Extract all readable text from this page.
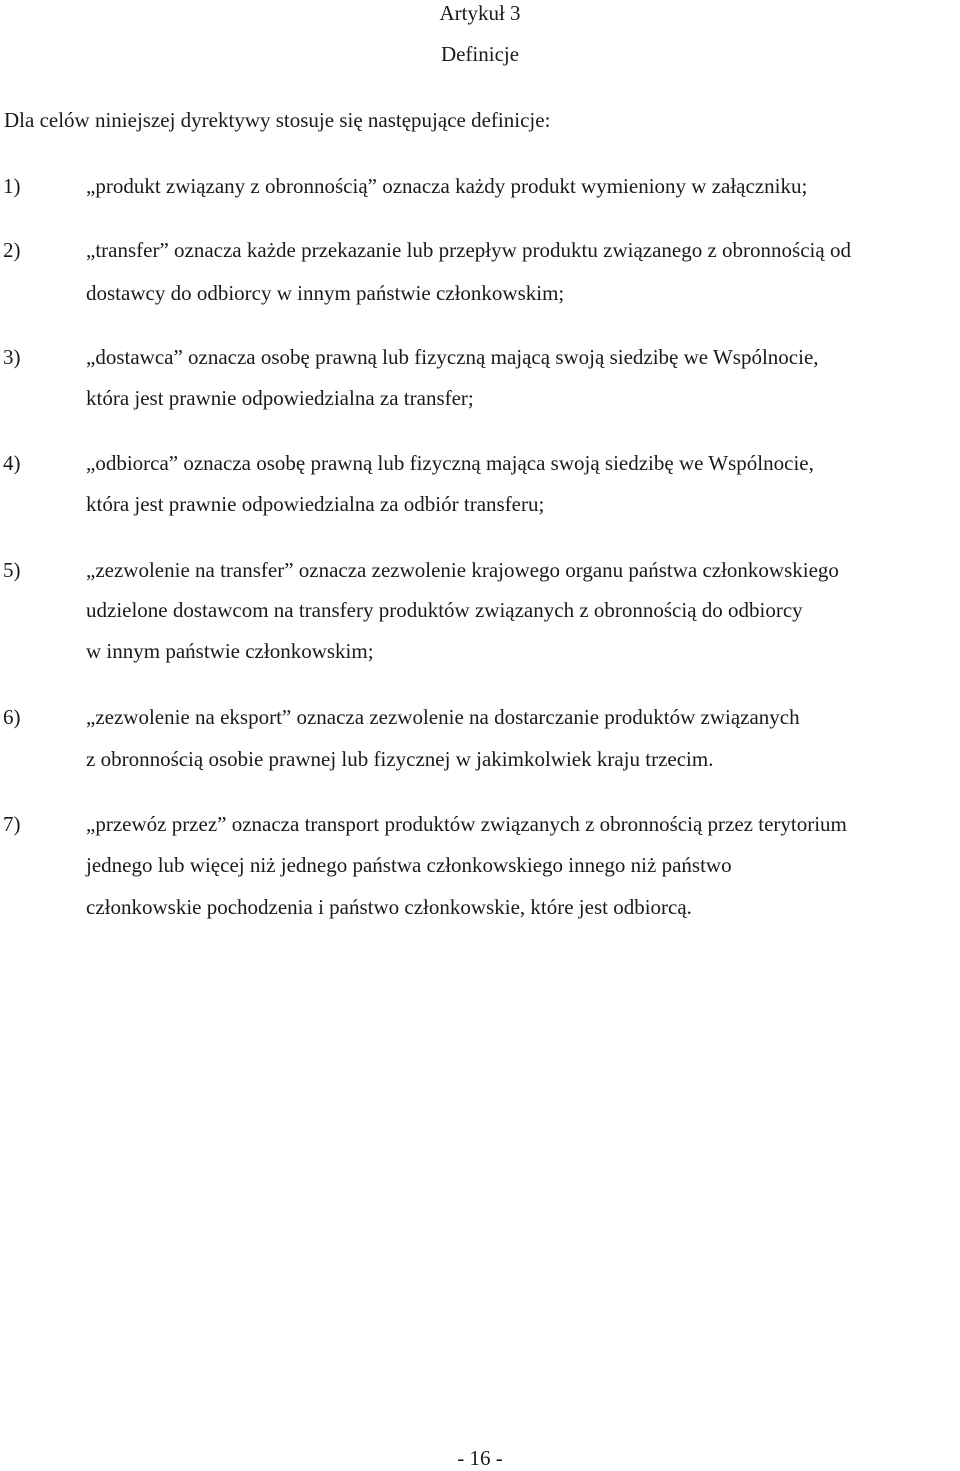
Artykuł 3
Definicje
Dla celów niniejszej dyrektywy stosuje się następujące definicje:
1)	„produkt związany z obronnością” oznacza każdy produkt wymieniony w załączniku;
2)	„transfer” oznacza każde przekazanie lub przepływ produktu związanego z obronnością od
dostawcy do odbiorcy w innym państwie członkowskim;
3)	„dostawca” oznacza osobę prawną lub fizyczną mającą swoją siedzibę we Wspólnocie,
która jest prawnie odpowiedzialna za transfer;
4)	„odbiorca” oznacza osobę prawną lub fizyczną mająca swoją siedzibę we Wspólnocie,
która jest prawnie odpowiedzialna za odbiór transferu;
5)	„zezwolenie na transfer” oznacza zezwolenie krajowego organu państwa członkowskiego
udzielone dostawcom na transfery produktów związanych z obronnością do odbiorcy
w innym państwie członkowskim;
6)	„zezwolenie na eksport” oznacza zezwolenie na dostarczanie produktów związanych
z obronnością osobie prawnej lub fizycznej w jakimkolwiek kraju trzecim.
7)	„przewóz przez” oznacza transport produktów związanych z obronnością przez terytorium
jednego lub więcej niż jednego państwa członkowskiego innego niż państwo
członkowskie pochodzenia i państwo członkowskie, które jest odbiorcą.
- 16 -
